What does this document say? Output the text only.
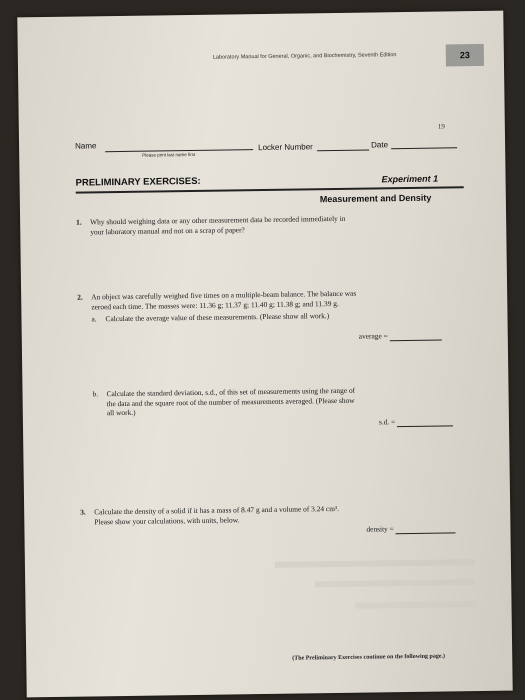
Laboratory Manual for General, Organic, and Biochemistry, Seventh Edition	23
19
Name
Please print last name first
Locker Number	Date
PRELIMINARY EXERCISES:	Experiment 1
Measurement and Density
1. Why should weighing data or any other measurement data be recorded immediately in

your laboratory manual and not on a scrap of paper?
2. An object was carefully weighed five times on a multiple-beam balance. The balance was

zeroed each time. The masses were: 11.36 g; 11.37 g; 11.40 g; 11.38 g; and 11.39 g.
a. Calculate the average value of these measurements. (Please show all work.)
average =
b. Calculate the standard deviation, s.d., of this set of measurements using the range of

the data and the square root of the number of measurements averaged. (Please show

all work.)
s.d. =
3. Calculate the density of a solid if it has a mass of 8.47 g and a volume of 3.24 cm³.

Please show your calculations, with units, below.
density =
(The Preliminary Exercises continue on the following page.)
